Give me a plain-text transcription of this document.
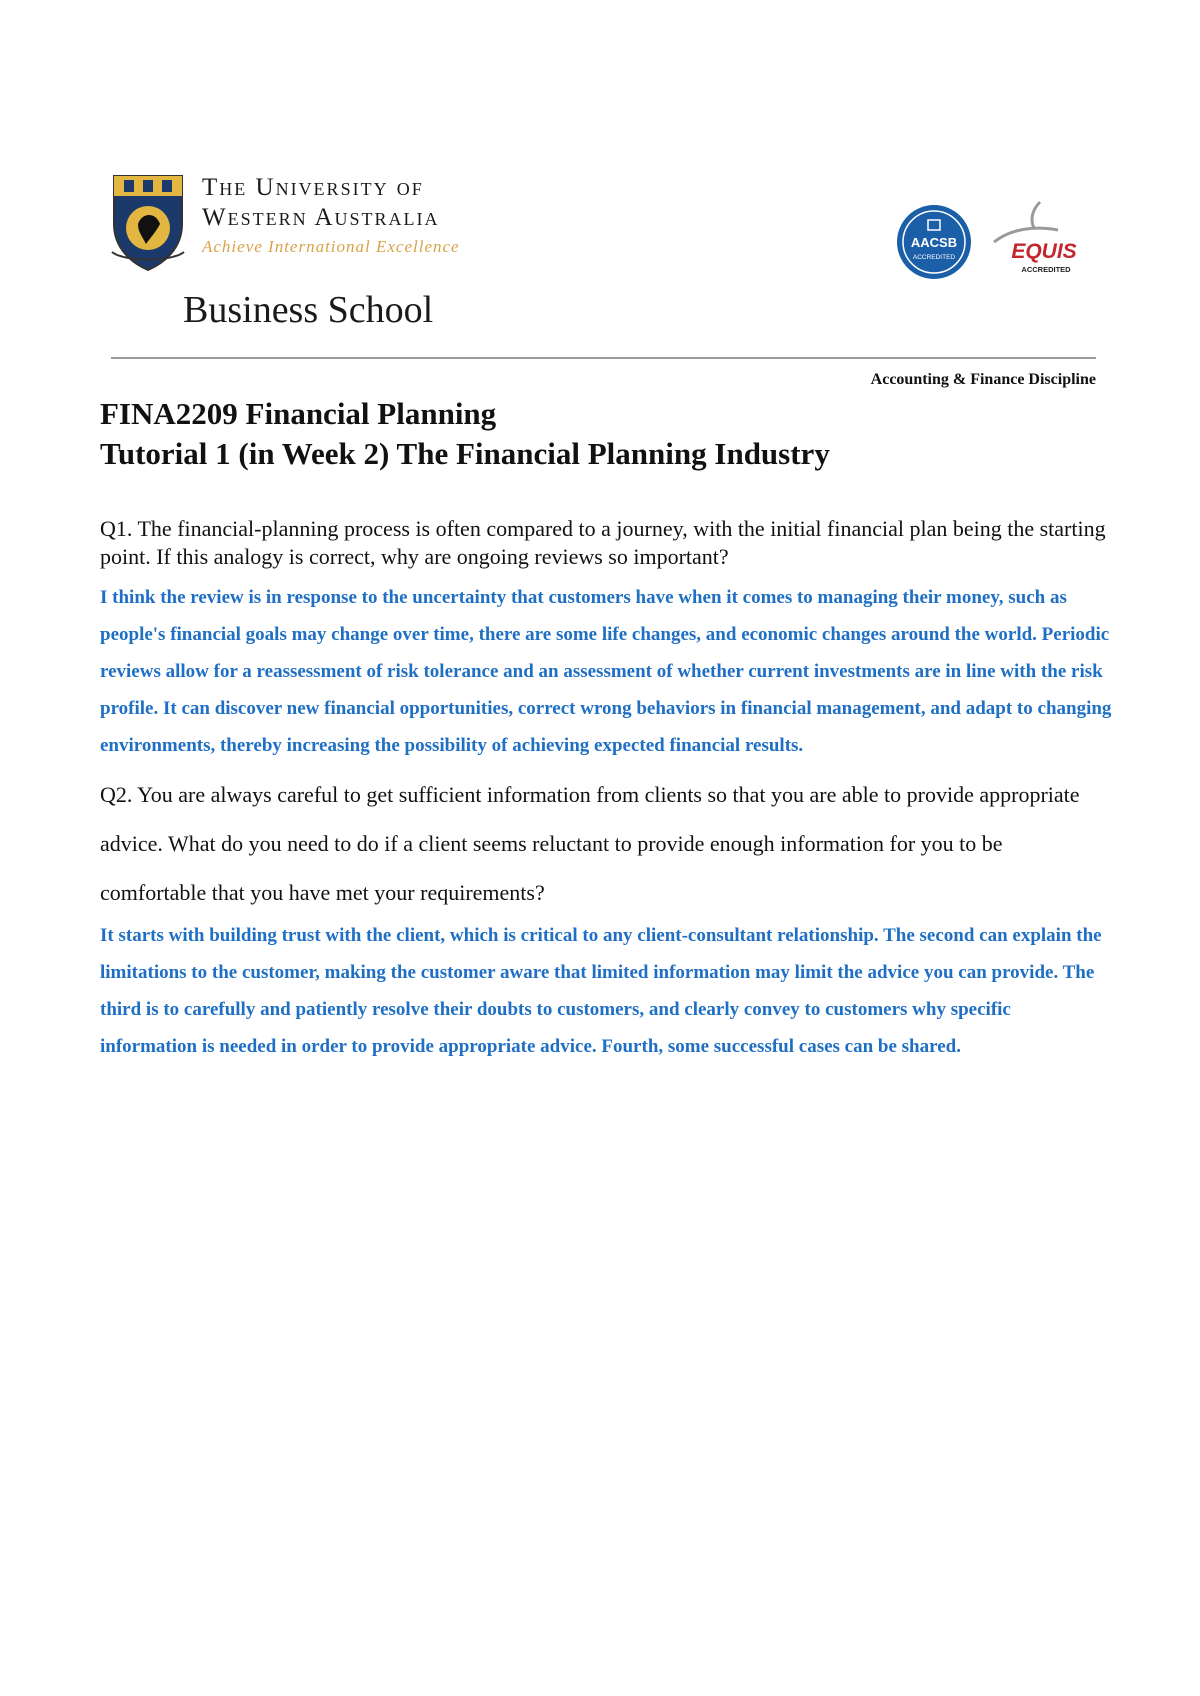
The University of
Western Australia
Achieve International Excellence
Business School
AACSB
ACCREDITED	EQUIS
ACCREDITED
Accounting & Finance Discipline
FINA2209 Financial Planning
Tutorial 1 (in Week 2) The Financial Planning Industry

Q1. The financial-planning process is often compared to a journey, with the initial financial plan being the starting point. If this analogy is correct, why are ongoing reviews so important?

I think the review is in response to the uncertainty that customers have when it comes to managing their money, such as people's financial goals may change over time, there are some life changes, and economic changes around the world. Periodic reviews allow for a reassessment of risk tolerance and an assessment of whether current investments are in line with the risk profile. It can discover new financial opportunities, correct wrong behaviors in financial management, and adapt to changing environments, thereby increasing the possibility of achieving expected financial results.

Q2. You are always careful to get sufficient information from clients so that you are able to provide appropriate advice. What do you need to do if a client seems reluctant to provide enough information for you to be comfortable that you have met your requirements?

It starts with building trust with the client, which is critical to any client-consultant relationship. The second can explain the limitations to the customer, making the customer aware that limited information may limit the advice you can provide. The third is to carefully and patiently resolve their doubts to customers, and clearly convey to customers why specific information is needed in order to provide appropriate advice. Fourth, some successful cases can be shared.
